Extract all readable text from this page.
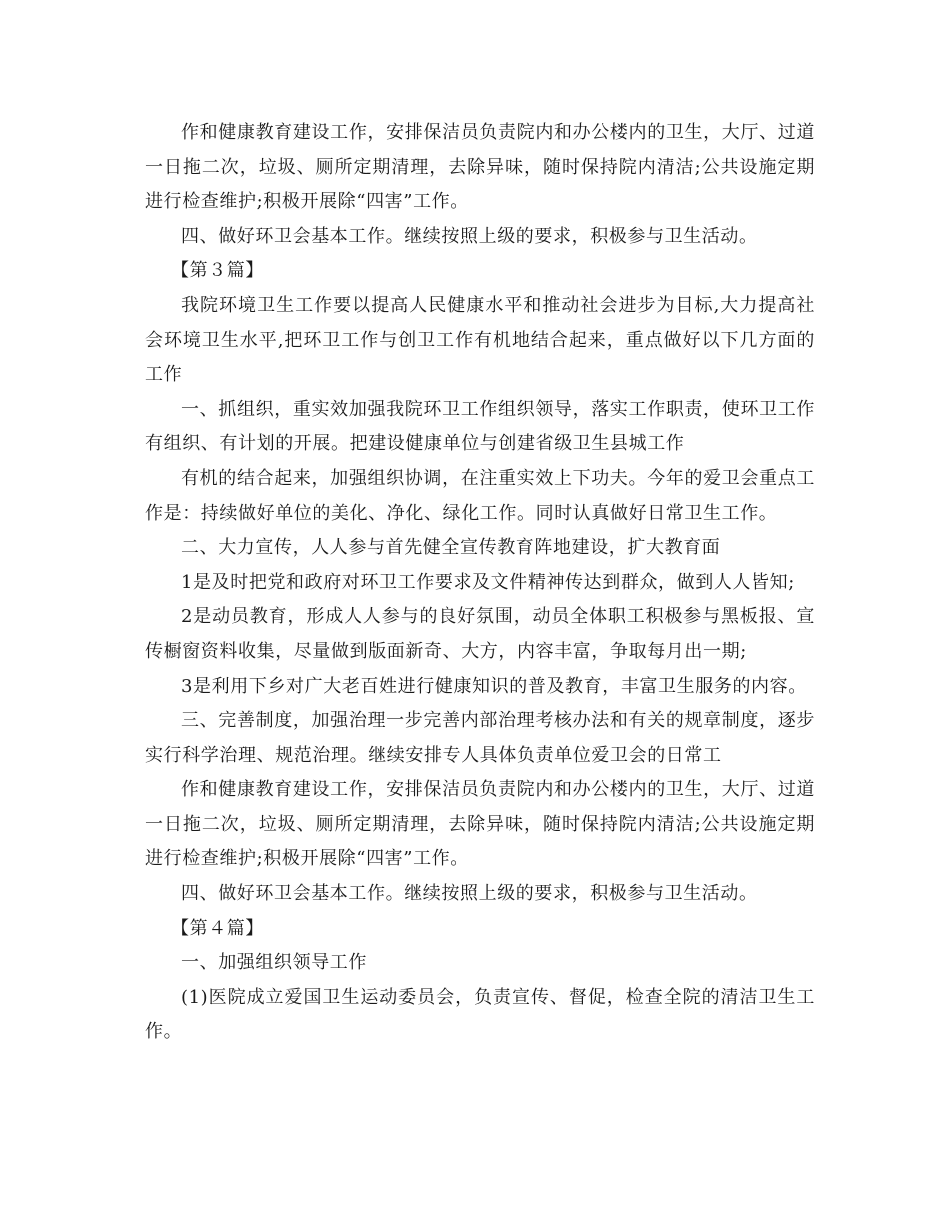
作和健康教育建设工作，安排保洁员负责院内和办公楼内的卫生，大厅、过道一日拖二次，垃圾、厕所定期清理，去除异味，随时保持院内清洁;公共设施定期进行检查维护;积极开展除“四害”工作。

四、做好环卫会基本工作。继续按照上级的要求，积极参与卫生活动。

【第３篇】

我院环境卫生工作要以提高人民健康水平和推动社会进步为目标,大力提高社会环境卫生水平,把环卫工作与创卫工作有机地结合起来，重点做好以下几方面的工作

一、抓组织，重实效加强我院环卫工作组织领导，落实工作职责，使环卫工作有组织、有计划的开展。把建设健康单位与创建省级卫生县城工作

有机的结合起来，加强组织协调，在注重实效上下功夫。今年的爱卫会重点工作是：持续做好单位的美化、净化、绿化工作。同时认真做好日常卫生工作。

二、大力宣传，人人参与首先健全宣传教育阵地建设，扩大教育面

1是及时把党和政府对环卫工作要求及文件精神传达到群众，做到人人皆知;

2是动员教育，形成人人参与的良好氛围，动员全体职工积极参与黑板报、宣传橱窗资料收集，尽量做到版面新奇、大方，内容丰富，争取每月出一期;

3是利用下乡对广大老百姓进行健康知识的普及教育，丰富卫生服务的内容。

三、完善制度，加强治理一步完善内部治理考核办法和有关的规章制度，逐步实行科学治理、规范治理。继续安排专人具体负责单位爱卫会的日常工

作和健康教育建设工作，安排保洁员负责院内和办公楼内的卫生，大厅、过道一日拖二次，垃圾、厕所定期清理，去除异味，随时保持院内清洁;公共设施定期进行检查维护;积极开展除“四害”工作。

四、做好环卫会基本工作。继续按照上级的要求，积极参与卫生活动。

【第４篇】

一、加强组织领导工作

(1)医院成立爱国卫生运动委员会，负责宣传、督促，检查全院的清洁卫生工作。
